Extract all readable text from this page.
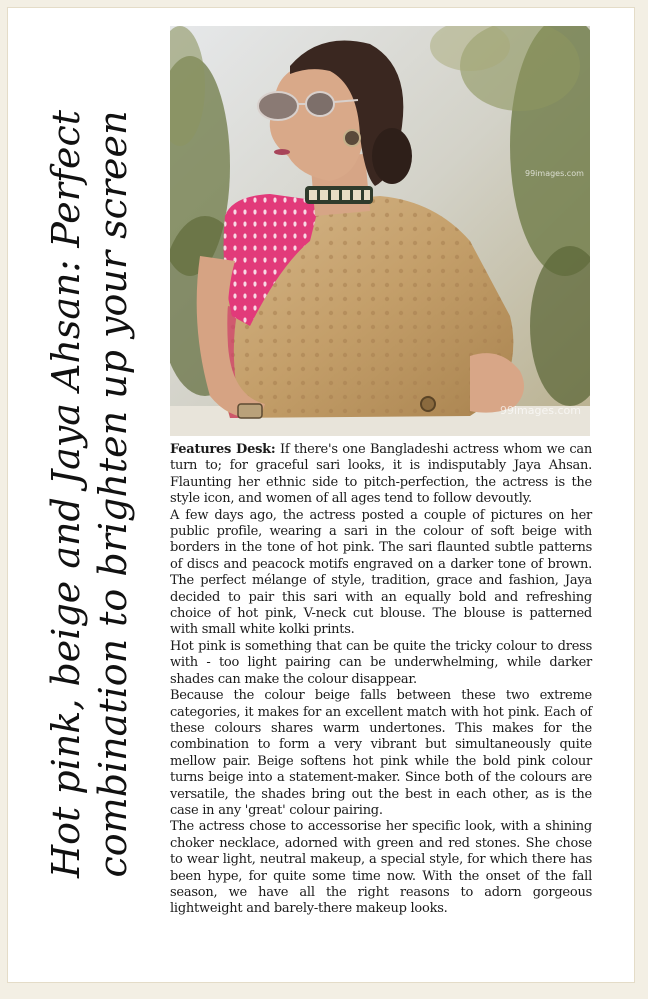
Hot pink, beige and Jaya Ahsan: Perfect combination to brighten up your screen	99images.com
99images.com

Features Desk: If there's one Bangladeshi actress whom we can turn to; for graceful sari looks, it is indisputably Jaya Ahsan. Flaunting her ethnic side to pitch-perfection, the actress is the style icon, and women of all ages tend to follow devoutly.

A few days ago, the actress posted a couple of pictures on her public profile, wearing a sari in the colour of soft beige with borders in the tone of hot pink. The sari flaunted subtle patterns of discs and peacock motifs engraved on a darker tone of brown. The perfect mélange of style, tradition, grace and fashion, Jaya decided to pair this sari with an equally bold and refreshing choice of hot pink, V-neck cut blouse. The blouse is patterned with small white kolki prints.

Hot pink is something that can be quite the tricky colour to dress with - too light pairing can be underwhelming, while darker shades can make the colour disappear.

Because the colour beige falls between these two extreme categories, it makes for an excellent match with hot pink. Each of these colours shares warm undertones. This makes for the combination to form a very vibrant but simultaneously quite mellow pair. Beige softens hot pink while the bold pink colour turns beige into a statement-maker. Since both of the colours are versatile, the shades bring out the best in each other, as is the case in any 'great' colour pairing.

The actress chose to accessorise her specific look, with a shining choker necklace, adorned with green and red stones. She chose to wear light, neutral makeup, a special style, for which there has been hype, for quite some time now. With the onset of the fall season, we have all the right reasons to adorn gorgeous lightweight and barely-there makeup looks.
